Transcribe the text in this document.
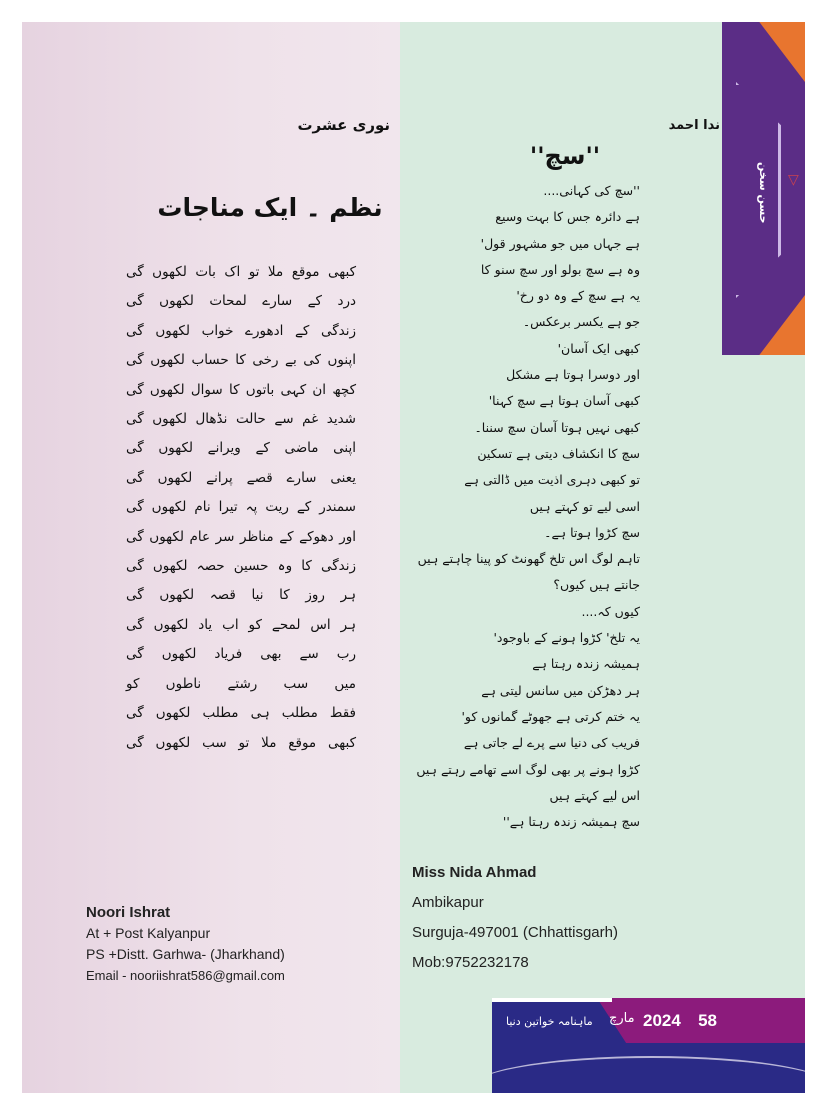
حسن سخن ▽
نوری عشرت
نظم ۔ ایک مناجات
کبھی موقع ملا تو اک بات لکھوں گی
درد کے سارے لمحات لکھوں گی
زندگی کے ادھورے خواب لکھوں گی
اپنوں کی بے رخی کا حساب لکھوں گی
کچھ ان کہی باتوں کا سوال لکھوں گی
شدید غم سے حالت نڈھال لکھوں گی
اپنی ماضی کے ویرانے لکھوں گی
یعنی سارے قصے پرانے لکھوں گی
سمندر کے ریت پہ تیرا نام لکھوں گی
اور دھوکے کے مناظر سر عام لکھوں گی
زندگی کا وہ حسین حصہ لکھوں گی
ہر روز کا نیا قصہ لکھوں گی
ہر اس لمحے کو اب یاد لکھوں گی
رب سے بھی فریاد لکھوں گی
میں سب رشتے ناطوں کو
فقط مطلب ہی مطلب لکھوں گی
کبھی موقع ملا تو سب لکھوں گی
Noori Ishrat
At + Post Kalyanpur
PS +Distt. Garhwa- (Jharkhand)
Email - nooriishrat586@gmail.com
ندا احمد
''سچ''
''سچ کی کہانی....
ہے دائرہ جس کا بہت وسیع
ہے جہاں میں جو مشہور قول'
وہ ہے سچ بولو اور سچ سنو کا
یہ ہے سچ کے وہ دو رخ'
جو ہے یکسر برعکس۔
کبھی ایک آسان'
اور دوسرا ہوتا ہے مشکل
کبھی آسان ہوتا ہے سچ کہنا'
کبھی نہیں ہوتا آسان سچ سننا۔
سچ کا انکشاف دیتی ہے تسکین
تو کبھی دہری اذیت میں ڈالتی ہے
اسی لیے تو کہتے ہیں
سچ کڑوا ہوتا ہے۔
تاہم لوگ اس تلخ گھونٹ کو پینا چاہتے ہیں
جانتے ہیں کیوں؟
کیوں کہ....
یہ تلخ' کڑوا ہونے کے باوجود'
ہمیشہ زندہ رہتا ہے
ہر دھڑکن میں سانس لیتی ہے
یہ ختم کرتی ہے جھوٹے گمانوں کو'
فریب کی دنیا سے پرے لے جاتی ہے
کڑوا ہونے پر بھی لوگ اسے تھامے رہتے ہیں
اس لیے کہتے ہیں
سچ ہمیشہ زندہ رہتا ہے''
Miss Nida Ahmad
Ambikapur
Surguja-497001 (Chhattisgarh)
Mob:9752232178
ماہنامہ خواتین دنیا مارچ 2024 58
